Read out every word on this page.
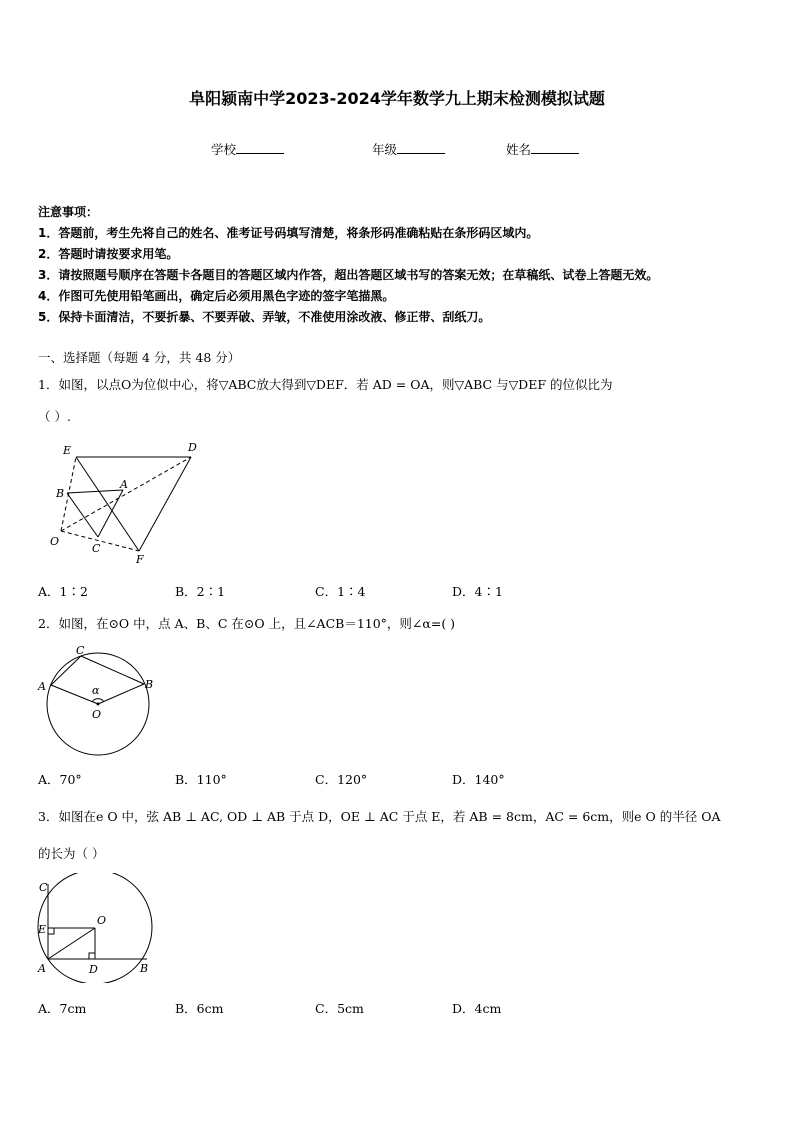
阜阳颍南中学2023-2024学年数学九上期末检测模拟试题
学校	年级	姓名
注意事项：
1．答题前，考生先将自己的姓名、准考证号码填写清楚，将条形码准确粘贴在条形码区域内。
2．答题时请按要求用笔。
3．请按照题号顺序在答题卡各题目的答题区域内作答，超出答题区域书写的答案无效；在草稿纸、试卷上答题无效。
4．作图可先使用铅笔画出，确定后必须用黑色字迹的签字笔描黑。
5．保持卡面清洁，不要折暴、不要弄破、弄皱，不准使用涂改液、修正带、刮纸刀。
一、选择题（每题 4 分，共 48 分）
1．如图，以点O为位似中心，将▽ABC放大得到▽DEF．若 AD = OA，则▽ABC 与▽DEF 的位似比为
（ ）.
E	D
B
A
O
C
F
A．1∶2	B．2∶1	C．1∶4	D．4∶1
2．如图，在⊙O 中，点 A、B、C 在⊙O 上，且∠ACB＝110°，则∠α=( )
C
A	B
α
O
A．70°	B．110°	C．120°	D．140°
3．如图在e O 中，弦 AB ⊥ AC, OD ⊥ AB 于点 D，OE ⊥ AC 于点 E，若 AB = 8cm，AC = 6cm，则e O 的半径 OA
的长为（ ）
C
O
E
A	D	B
A．7cm	B．6cm	C．5cm	D．4cm
